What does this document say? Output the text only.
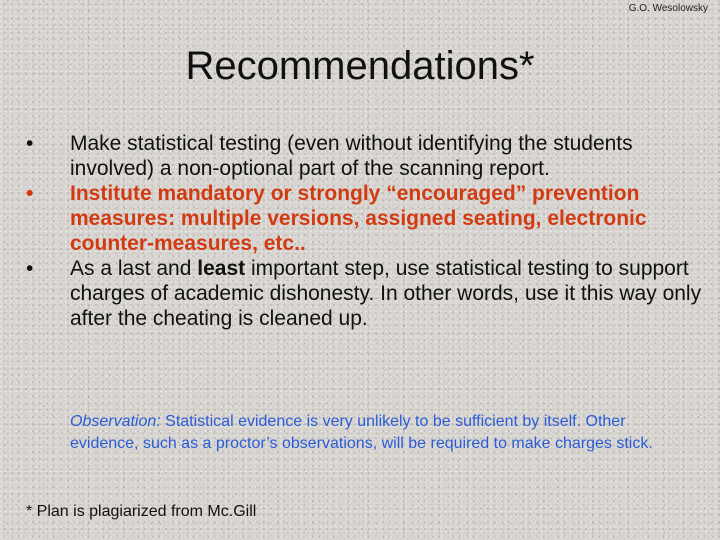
G.O. Wesolowsky
Recommendations*
• Make statistical testing (even without identifying the students involved) a non-optional part of the scanning report.
• Institute mandatory or strongly “encouraged” prevention measures: multiple versions, assigned seating, electronic counter-measures, etc..
• As a last and least important step, use statistical testing to support charges of academic dishonesty. In other words, use it this way only after the cheating is cleaned up.
Observation: Statistical evidence is very unlikely to be sufficient by itself. Other evidence, such as a proctor’s observations, will be required to make charges stick.
* Plan is plagiarized from Mc.Gill
